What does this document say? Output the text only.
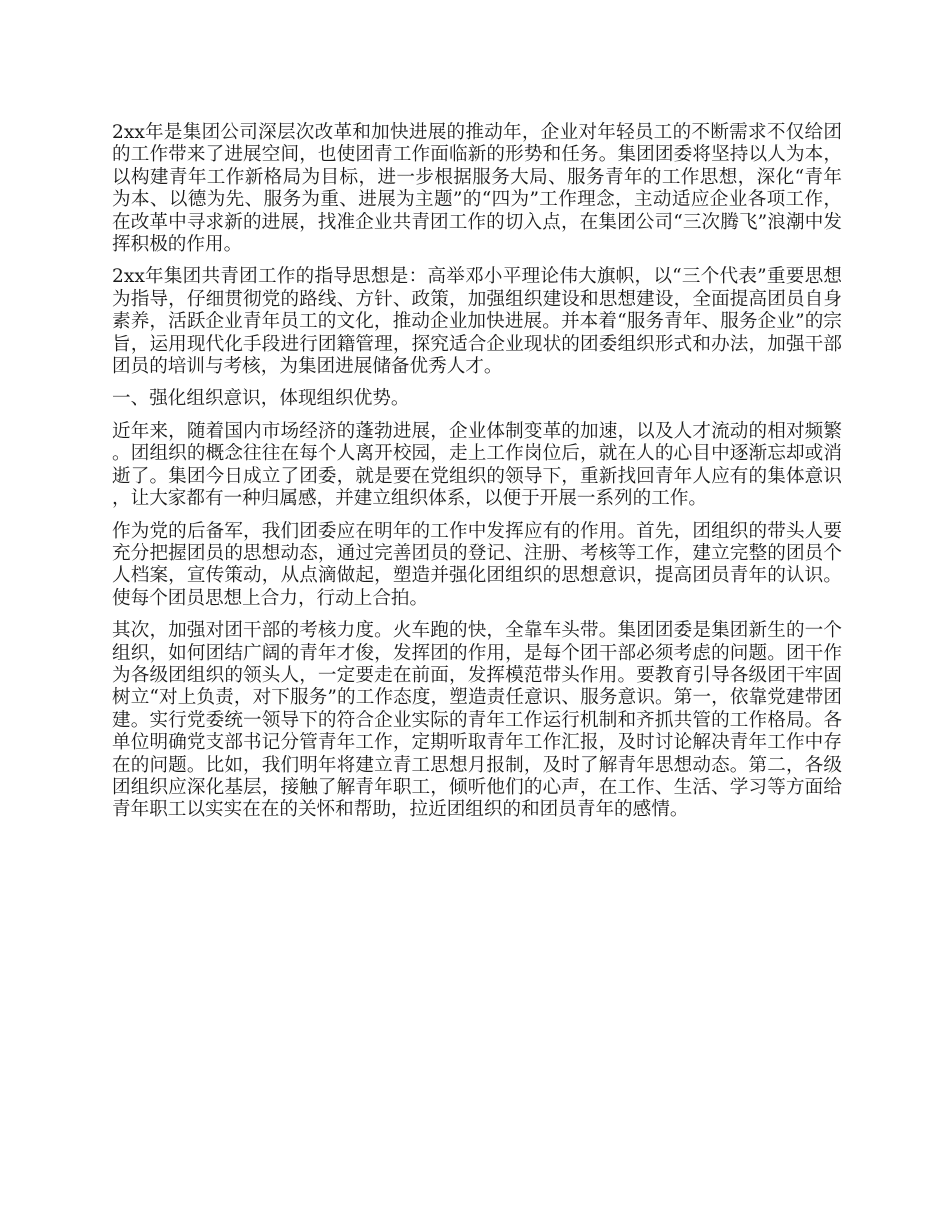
2xx年是集团公司深层次改革和加快进展的推动年，企业对年轻员工的不断需求不仅给团的工作带来了进展空间，也使团青工作面临新的形势和任务。集团团委将坚持以人为本，以构建青年工作新格局为目标，进一步根据服务大局、服务青年的工作思想，深化“青年为本、以德为先、服务为重、进展为主题”的“四为”工作理念，主动适应企业各项工作，在改革中寻求新的进展，找准企业共青团工作的切入点，在集团公司“三次腾飞”浪潮中发挥积极的作用。

2xx年集团共青团工作的指导思想是：高举邓小平理论伟大旗帜，以“三个代表”重要思想为指导，仔细贯彻党的路线、方针、政策，加强组织建设和思想建设，全面提高团员自身素养，活跃企业青年员工的文化，推动企业加快进展。并本着“服务青年、服务企业”的宗旨，运用现代化手段进行团籍管理，探究适合企业现状的团委组织形式和办法，加强干部团员的培训与考核，为集团进展储备优秀人才。

一、强化组织意识，体现组织优势。

近年来，随着国内市场经济的蓬勃进展，企业体制变革的加速，以及人才流动的相对频繁。团组织的概念往往在每个人离开校园，走上工作岗位后，就在人的心目中逐渐忘却或消逝了。集团今日成立了团委，就是要在党组织的领导下，重新找回青年人应有的集体意识，让大家都有一种归属感，并建立组织体系，以便于开展一系列的工作。

作为党的后备军，我们团委应在明年的工作中发挥应有的作用。首先，团组织的带头人要充分把握团员的思想动态，通过完善团员的登记、注册、考核等工作，建立完整的团员个人档案，宣传策动，从点滴做起，塑造并强化团组织的思想意识，提高团员青年的认识。使每个团员思想上合力，行动上合拍。

其次，加强对团干部的考核力度。火车跑的快，全靠车头带。集团团委是集团新生的一个组织，如何团结广阔的青年才俊，发挥团的作用，是每个团干部必须考虑的问题。团干作为各级团组织的领头人，一定要走在前面，发挥模范带头作用。要教育引导各级团干牢固树立“对上负责，对下服务”的工作态度，塑造责任意识、服务意识。第一，依靠党建带团建。实行党委统一领导下的符合企业实际的青年工作运行机制和齐抓共管的工作格局。各单位明确党支部书记分管青年工作，定期听取青年工作汇报，及时讨论解决青年工作中存在的问题。比如，我们明年将建立青工思想月报制，及时了解青年思想动态。第二，各级团组织应深化基层，接触了解青年职工，倾听他们的心声，在工作、生活、学习等方面给青年职工以实实在在的关怀和帮助，拉近团组织的和团员青年的感情。
